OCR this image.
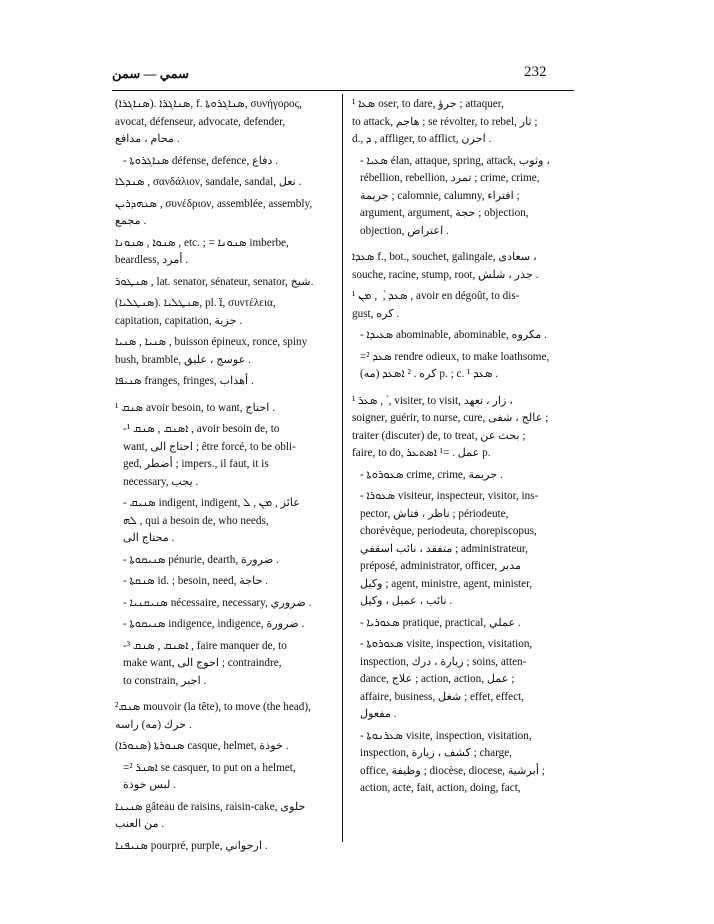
سمي — سمن	232
(ܣܢܐܓܪܐ). ܣܢܐܓܪܐ, f. ܣܢܐܓܪܘܬܐ, συνήγορος,
avocat, défenseur, advocate, defender,
محام ، مدافع .
- ܣܢܐܓܪܘܬܐ défense, defence, دفاع .
ܣܢܕܠܐ , σανδάλιον, sandale, sandal, نعل .
ܣܢܗܕܪܝܢ , συνέδριον, assemblée, assembly,
مجمع .
ܣܢܘܐ , ܣܢܘܢܐ , etc. ; = ܣܢܘܢܐ imberbe,
beardless, أمرد .
ܣܢܛܘܪ , lat. senator, sénateur, senator, شيخ.
(ܣܢܛܠܝܐ). ܣܢܛܠܝܐ, pl. ܐ̈, συντέλεια,
capitation, capitation, جزية .
ܣܢܝܐ , ܣܢܝܐ , buisson épineux, ronce, spiny
bush, bramble, عوسج ، عليق .
ܣܢܝܦܐ franges, fringes, أهداب .
¹ ܣܢܩ avoir besoin, to want, احتاج .
-¹ ܐܣܢܩ , ܣܢܩ , avoir besoin de, to
want, احتاج الى ; être forcé, to be obli-
ged, أضطر ; impers., il faut, it is
necessary, يجب .
- ܣܢܝܩ indigent, indigent, عائز , ܡܢ , ܠ
ܠܗ , qui a besoin de, who needs,
محتاج الى .
- ܣܢܝܩܘܬܐ pénurie, dearth, ضرورة .
- ܣܢܩܬܐ id. ; besoin, need, حاجة .
- ܣܢܝܩܢܝܐ nécessaire, necessary, ضروري .
- ܣܢܝܩܘܬܐ indigence, indigence, ضرورة .
-³ ܐܣܢܩ , ܣܢܩ , faire manquer de, to
make want, احوج الى ; contraindre,
to constrain, اجبر .
²ܣܢܩ mouvoir (la tête), to move (the head),
حرك (مه) راسه .
(ܣܢܘܪܐ) ܣܢܘܪܬܐ casque, helmet, خوذة .
=² ܐܣܢܪ se casquer, to put on a helmet,
لبس خوذة .
ܣܢܝܢܐ gâteau de raisins, raisin-cake, حلوى
من العنب .
ܣܢܝܦܢܐ pourpré, purple, ارجواني .
¹ ܣܥܐ oser, to dare, جرؤ ; attaquer,
to attack, هاجم ; se révolter, to rebel, ثار ;
d., ܕ , affliger, to afflict, احزن .
- ܣܥܝܐ élan, attaque, spring, attack, وثوب ،
rébellion, rebellion, تمرد ; crime, crime,
جريمة ; calomnie, calumny, افتراء ;
argument, argument, حجة ; objection,
objection, اعتراض .
ܣܥܕܐ f., bot., souchet, galingale, سعادى ،
souche, racine, stump, root, جذر ، شلش .
¹ ܣܥܕ , ܵ , ܡܢ , avoir en dégoût, to dis-
gust, كره .
- ܣܥܝܕܐ abominable, abominable, مكروه .
=² ܣܥܕ rendre odieux, to make loathsome,
(مه) كره . ² ܐܣܥܕ p. ; c. ¹ ܣܥܕ .
¹ ܣܥܪ , ܵ , visiter, to visit, زار ، تعهد ،
soigner, guérir, to nurse, cure, عالج ، شفى ;
traiter (discuter) de, to treat, بحث عن ;
faire, to do, عمل . =¹ ܐܣܬܥܪ p.
- ܣܥܘܪܘܬܐ crime, crime, جريمة .
- ܣܥܘܪܐ visiteur, inspecteur, visitor, ins-
pector, ناظر ، فتاش ; périodeute,
chorévèque, periodeuta, chorepiscopus,
متفقد ، نائب اسقفي ; administrateur,
préposé, administrator, officer, مدبر
وكيل ; agent, ministre, agent, minister,
نائب ، عميل ، وكيل .
- ܣܥܘܪܝܐ pratique, practical, عملي .
- ܣܥܘܪܘܬܐ visite, inspection, visitation,
inspection, زيارة ، درك ; soins, atten-
dance, علاج ; action, action, عمل ;
affaire, business, شغل ; effet, effect,
مفعول .
- ܣܥܪܢܘܬܐ visite, inspection, visitation,
inspection, كشف ، زيارة ; charge,
office, وظيفة ; diocèse, diocese, أبرشية ;
action, acte, fait, action, doing, fact,
